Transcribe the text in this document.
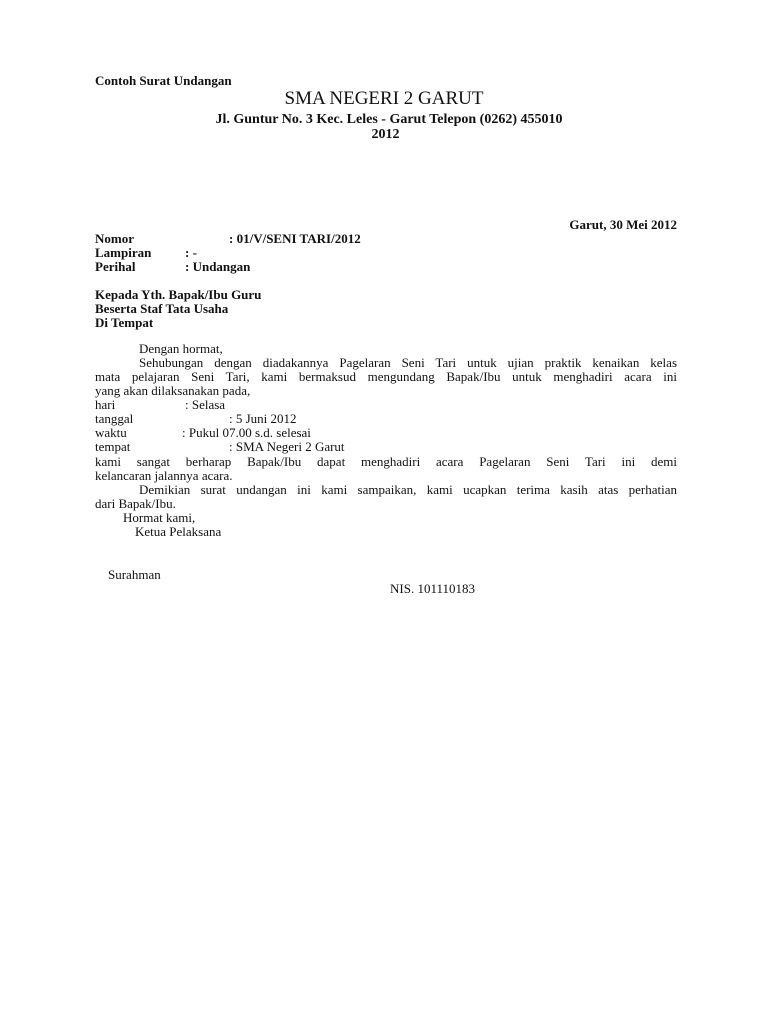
Contoh Surat Undangan
SMA NEGERI 2 GARUT
Jl. Guntur No. 3 Kec. Leles - Garut Telepon (0262) 455010
2012
Garut, 30 Mei 2012
Nomor	: 01/V/SENI TARI/2012
Lampiran	: -
Perihal	: Undangan
Kepada Yth. Bapak/Ibu Guru
Beserta Staf Tata Usaha
Di Tempat
Dengan hormat,
Sehubungan dengan diadakannya Pagelaran Seni Tari untuk ujian praktik kenaikan kelas
mata pelajaran Seni Tari, kami bermaksud mengundang Bapak/Ibu untuk menghadiri acara ini
yang akan dilaksanakan pada,
hari	: Selasa
tanggal	: 5 Juni 2012
waktu	: Pukul 07.00 s.d. selesai
tempat	: SMA Negeri 2 Garut
kami sangat berharap Bapak/Ibu dapat menghadiri acara Pagelaran Seni Tari ini demi
kelancaran jalannya acara.
Demikian surat undangan ini kami sampaikan, kami ucapkan terima kasih atas perhatian
dari Bapak/Ibu.
Hormat kami,
Ketua Pelaksana
Surahman
NIS. 101110183
